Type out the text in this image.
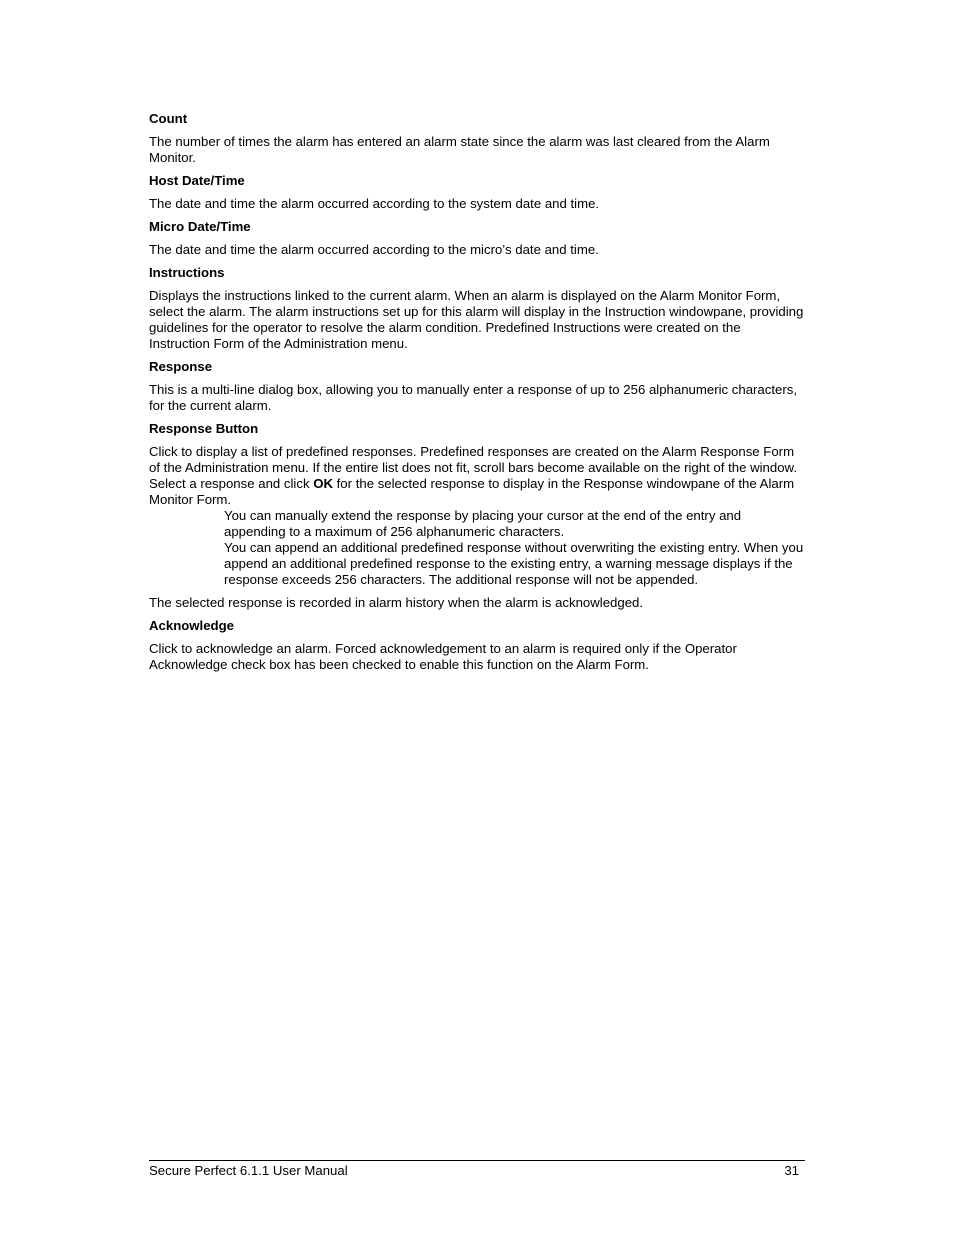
Count

The number of times the alarm has entered an alarm state since the alarm was last cleared from the Alarm Monitor.

Host Date/Time

The date and time the alarm occurred according to the system date and time.

Micro Date/Time

The date and time the alarm occurred according to the micro’s date and time.

Instructions

Displays the instructions linked to the current alarm. When an alarm is displayed on the Alarm Monitor Form, select the alarm. The alarm instructions set up for this alarm will display in the Instruction windowpane, providing guidelines for the operator to resolve the alarm condition. Predefined Instructions were created on the Instruction Form of the Administration menu.

Response

This is a multi-line dialog box, allowing you to manually enter a response of up to 256 alphanumeric characters, for the current alarm.

Response Button

Click to display a list of predefined responses. Predefined responses are created on the Alarm Response Form of the Administration menu. If the entire list does not fit, scroll bars become available on the right of the window. Select a response and click OK for the selected response to display in the Response windowpane of the Alarm Monitor Form.

You can manually extend the response by placing your cursor at the end of the entry and appending to a maximum of 256 alphanumeric characters.

You can append an additional predefined response without overwriting the existing entry. When you append an additional predefined response to the existing entry, a warning message displays if the response exceeds 256 characters. The additional response will not be appended.

The selected response is recorded in alarm history when the alarm is acknowledged.

Acknowledge

Click to acknowledge an alarm. Forced acknowledgement to an alarm is required only if the Operator Acknowledge check box has been checked to enable this function on the Alarm Form.

Secure Perfect 6.1.1 User Manual	31
